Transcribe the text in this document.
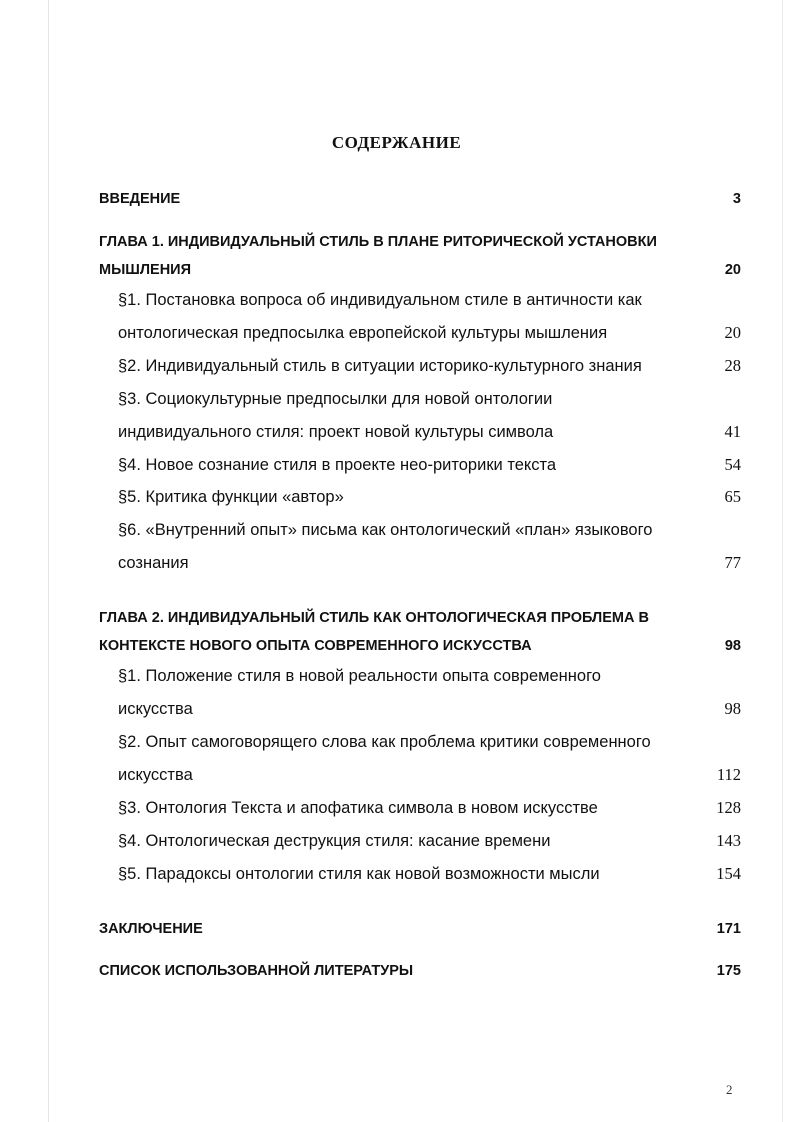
СОДЕРЖАНИЕ
ВВЕДЕНИЕ	3
ГЛАВА 1. ИНДИВИДУАЛЬНЫЙ СТИЛЬ В ПЛАНЕ РИТОРИЧЕСКОЙ УСТАНОВКИ
МЫШЛЕНИЯ	20
§1. Постановка вопроса об индивидуальном стиле в античности как
онтологическая предпосылка европейской культуры мышления	20
§2. Индивидуальный стиль в ситуации историко-культурного знания	28
§3. Социокультурные предпосылки для новой онтологии
индивидуального стиля: проект новой культуры символа	41
§4. Новое сознание стиля в проекте нео-риторики текста	54
§5. Критика функции «автор»	65
§6. «Внутренний опыт» письма как онтологический «план» языкового
сознания	77
ГЛАВА 2. ИНДИВИДУАЛЬНЫЙ СТИЛЬ КАК ОНТОЛОГИЧЕСКАЯ ПРОБЛЕМА В
КОНТЕКСТЕ НОВОГО ОПЫТА СОВРЕМЕННОГО ИСКУССТВА	98
§1. Положение стиля в новой реальности опыта современного
искусства	98
§2. Опыт самоговорящего слова как проблема критики современного
искусства	112
§3. Онтология Текста и апофатика символа в новом искусстве	128
§4. Онтологическая деструкция стиля: касание времени	143
§5. Парадоксы онтологии стиля как новой возможности мысли	154
ЗАКЛЮЧЕНИЕ	171
СПИСОК ИСПОЛЬЗОВАННОЙ ЛИТЕРАТУРЫ	175
2
